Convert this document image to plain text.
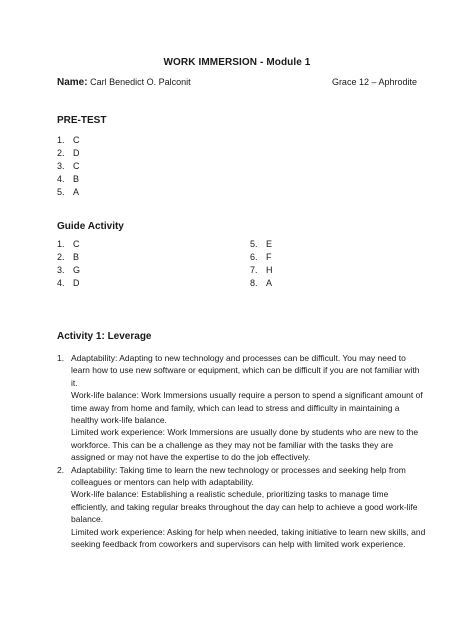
WORK IMMERSION - Module 1
Name: Carl Benedict O. Palconit	Grace 12 – Aphrodite
PRE-TEST
1. C
2. D
3. C
4. B
5. A
Guide Activity
1. C
2. B
3. G
4. D
5. E
6. F
7. H
8. A
Activity 1: Leverage
1. Adaptability: Adapting to new technology and processes can be difficult. You may need to learn how to use new software or equipment, which can be difficult if you are not familiar with it.

Work-life balance: Work Immersions usually require a person to spend a significant amount of time away from home and family, which can lead to stress and difficulty in maintaining a healthy work-life balance.

Limited work experience: Work Immersions are usually done by students who are new to the workforce. This can be a challenge as they may not be familiar with the tasks they are assigned or may not have the expertise to do the job effectively.

2. Adaptability: Taking time to learn the new technology or processes and seeking help from colleagues or mentors can help with adaptability.

Work-life balance: Establishing a realistic schedule, prioritizing tasks to manage time efficiently, and taking regular breaks throughout the day can help to achieve a good work-life balance.

Limited work experience: Asking for help when needed, taking initiative to learn new skills, and seeking feedback from coworkers and supervisors can help with limited work experience.
